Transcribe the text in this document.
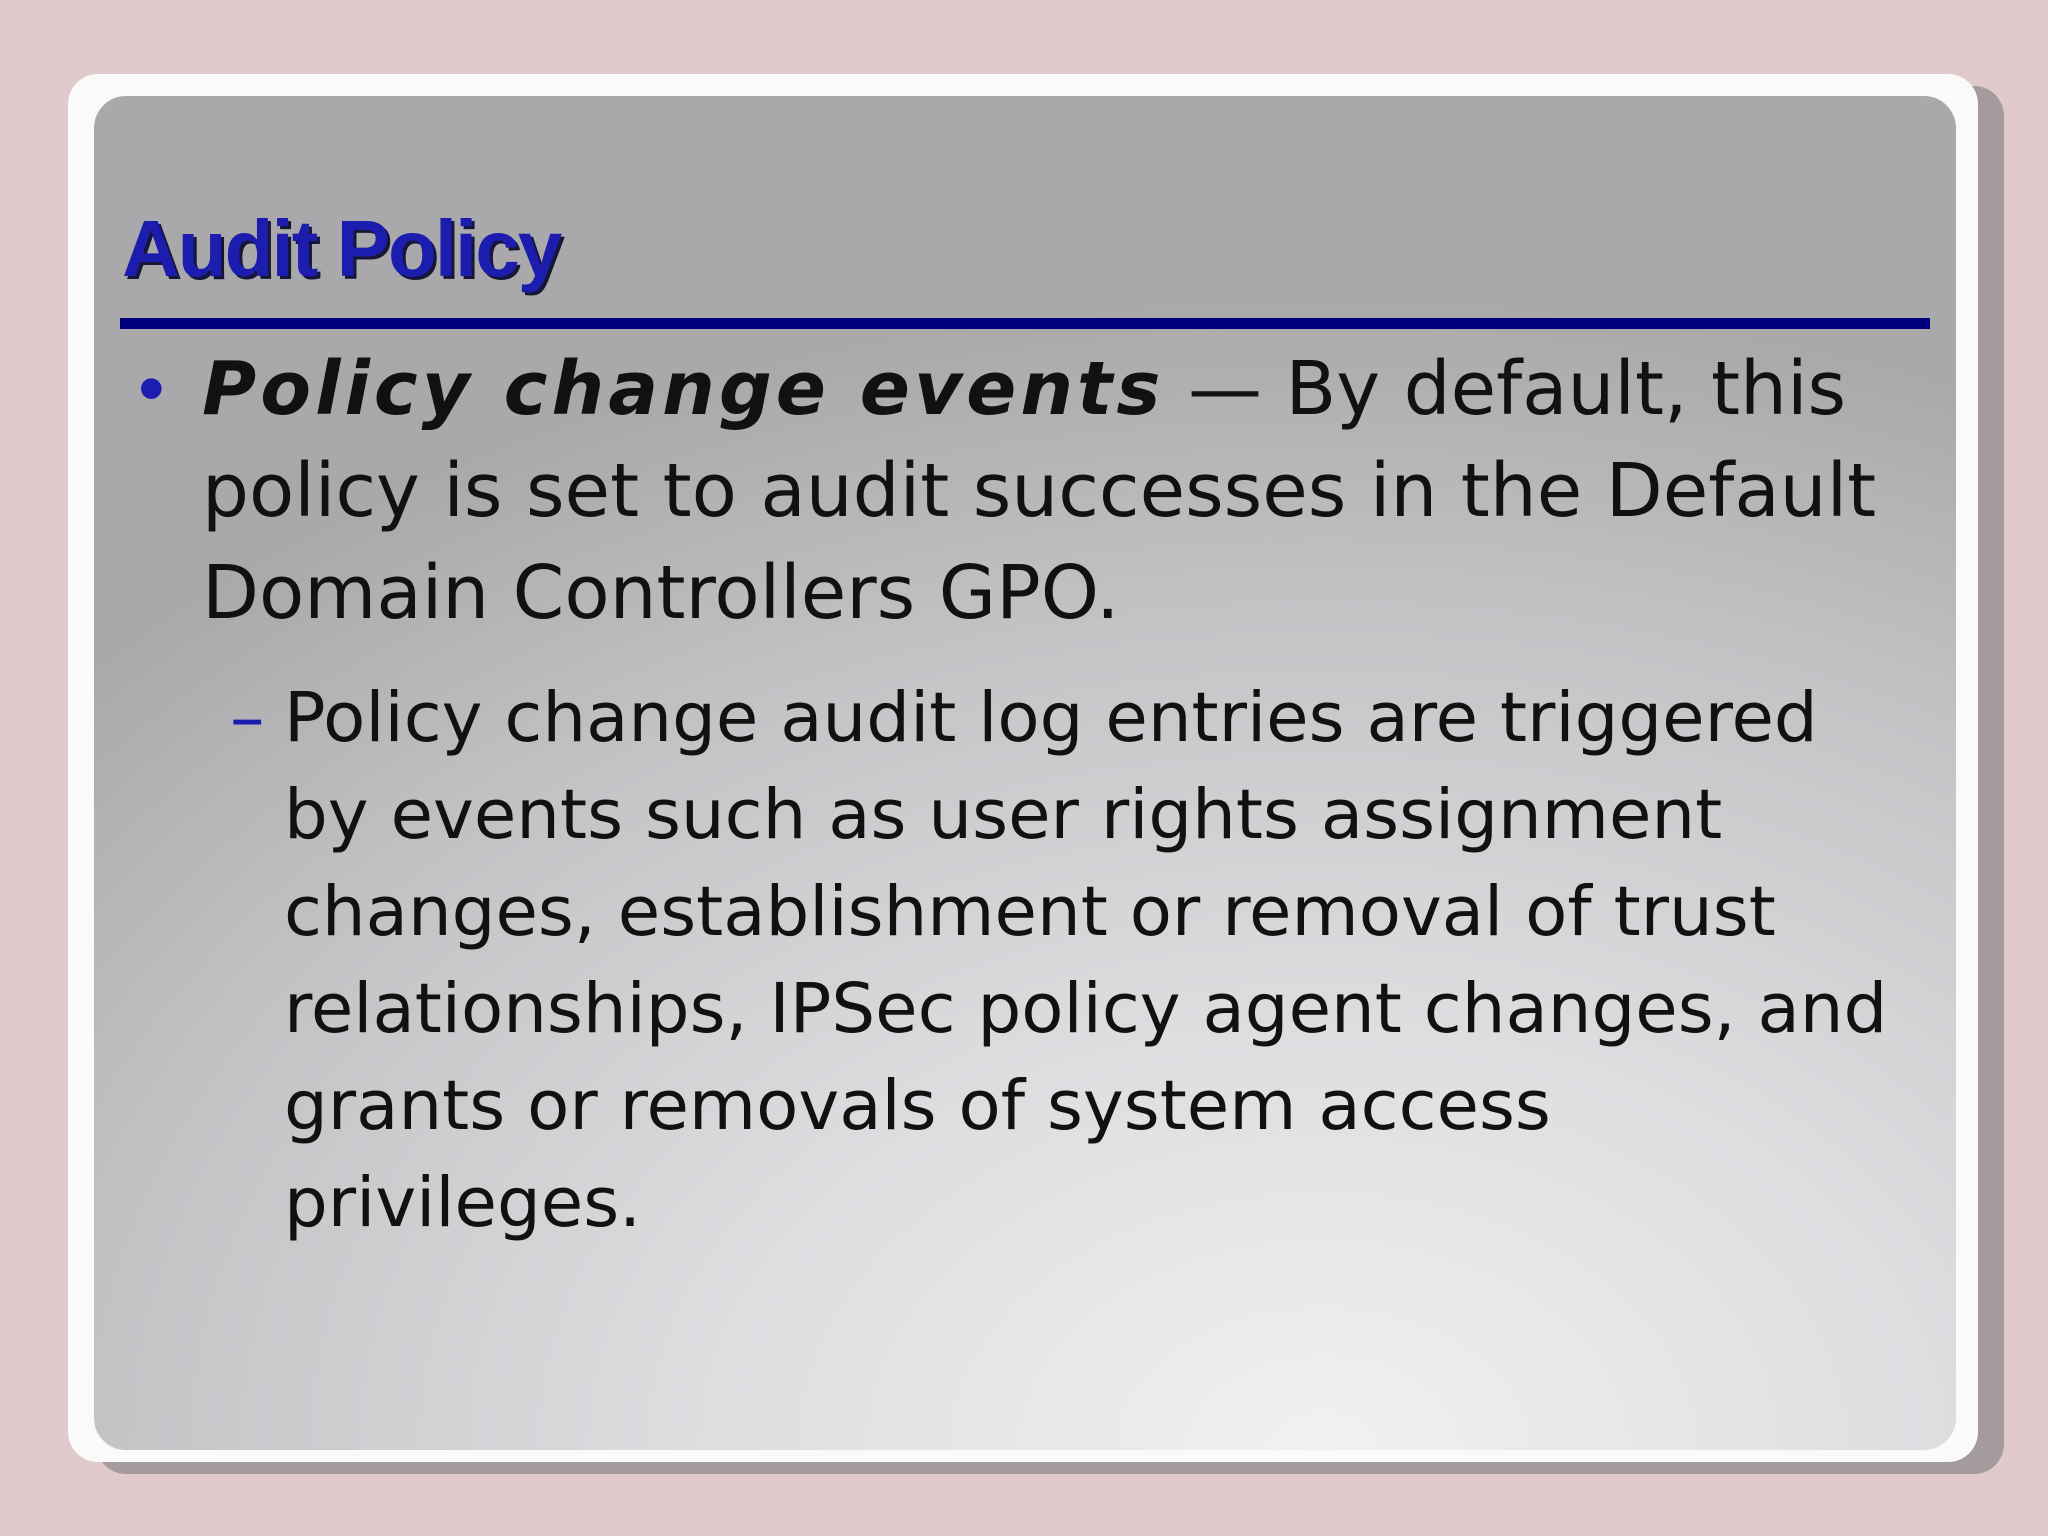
Audit Policy
• Policy change events — By default, this policy is set to audit successes in the Default Domain Controllers GPO.
– Policy change audit log entries are triggered by events such as user rights assignment changes, establishment or removal of trust relationships, IPSec policy agent changes, and grants or removals of system access privileges.
